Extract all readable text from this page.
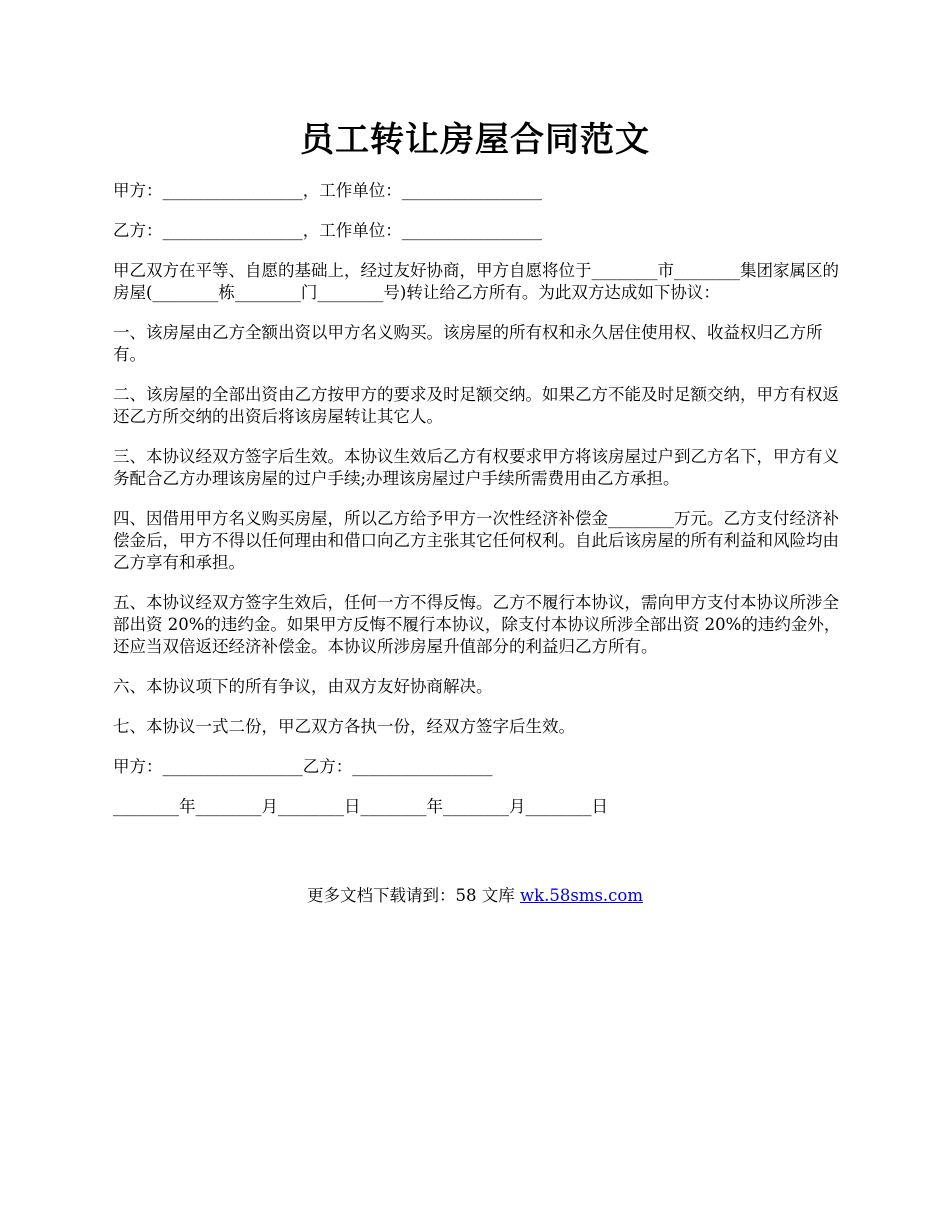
员工转让房屋合同范文
甲方：_________________，工作单位：_________________
乙方：_________________，工作单位：_________________
甲乙双方在平等、自愿的基础上，经过友好协商，甲方自愿将位于________市________集团家属区的房屋(________栋________门________号)转让给乙方所有。为此双方达成如下协议：
一、该房屋由乙方全额出资以甲方名义购买。该房屋的所有权和永久居住使用权、收益权归乙方所有。
二、该房屋的全部出资由乙方按甲方的要求及时足额交纳。如果乙方不能及时足额交纳，甲方有权返还乙方所交纳的出资后将该房屋转让其它人。
三、本协议经双方签字后生效。本协议生效后乙方有权要求甲方将该房屋过户到乙方名下，甲方有义务配合乙方办理该房屋的过户手续;办理该房屋过户手续所需费用由乙方承担。
四、因借用甲方名义购买房屋，所以乙方给予甲方一次性经济补偿金________万元。乙方支付经济补偿金后，甲方不得以任何理由和借口向乙方主张其它任何权利。自此后该房屋的所有利益和风险均由乙方享有和承担。
五、本协议经双方签字生效后，任何一方不得反悔。乙方不履行本协议，需向甲方支付本协议所涉全部出资 20%的违约金。如果甲方反悔不履行本协议，除支付本协议所涉全部出资 20%的违约金外，还应当双倍返还经济补偿金。本协议所涉房屋升值部分的利益归乙方所有。
六、本协议项下的所有争议，由双方友好协商解决。
七、本协议一式二份，甲乙双方各执一份，经双方签字后生效。
甲方：_________________乙方：_________________
________年________月________日________年________月________日
更多文档下载请到：58 文库 wk.58sms.com
